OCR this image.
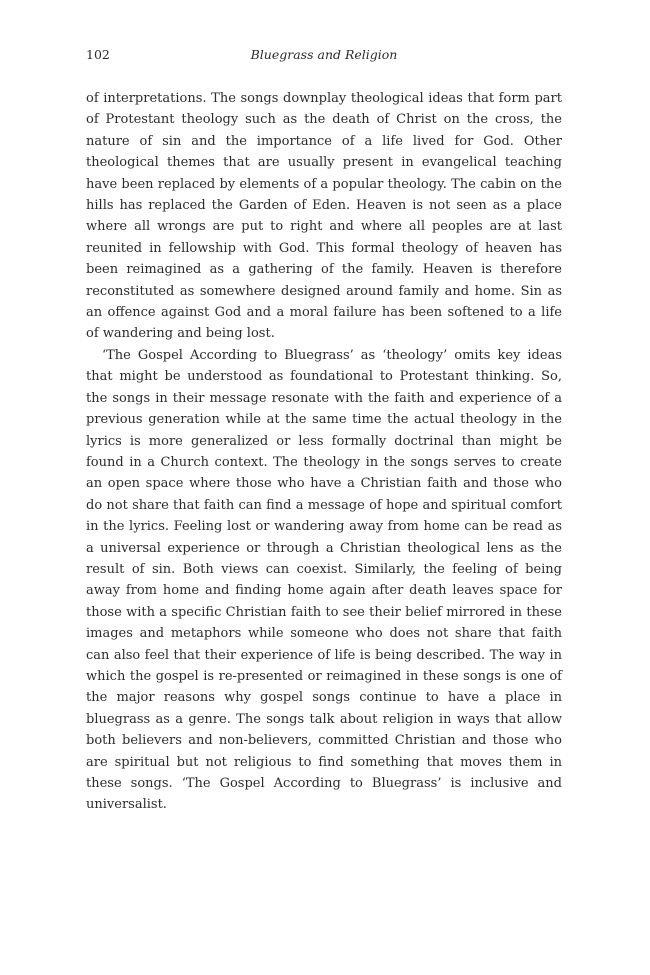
102	Bluegrass and Religion

of interpretations. The songs downplay theological ideas that form part of Protestant theology such as the death of Christ on the cross, the nature of sin and the importance of a life lived for God. Other theological themes that are usually present in evangelical teaching have been replaced by elements of a popular theology. The cabin on the hills has replaced the Garden of Eden. Heaven is not seen as a place where all wrongs are put to right and where all peoples are at last reunited in fellowship with God. This formal theology of heaven has been reimagined as a gathering of the family. Heaven is therefore reconstituted as somewhere designed around family and home. Sin as an offence against God and a moral failure has been softened to a life of wandering and being lost.

‘The Gospel According to Bluegrass’ as ‘theology’ omits key ideas that might be understood as foundational to Protestant thinking. So, the songs in their message resonate with the faith and experience of a previous generation while at the same time the actual theology in the lyrics is more generalized or less formally doctrinal than might be found in a Church context. The theology in the songs serves to create an open space where those who have a Christian faith and those who do not share that faith can find a message of hope and spiritual comfort in the lyrics. Feeling lost or wandering away from home can be read as a universal experience or through a Christian theological lens as the result of sin. Both views can coexist. Similarly, the feeling of being away from home and finding home again after death leaves space for those with a specific Christian faith to see their belief mirrored in these images and metaphors while someone who does not share that faith can also feel that their experience of life is being described. The way in which the gospel is re-presented or reimagined in these songs is one of the major reasons why gospel songs continue to have a place in bluegrass as a genre. The songs talk about religion in ways that allow both believers and non-believers, committed Christian and those who are spiritual but not religious to find something that moves them in these songs. ‘The Gospel According to Bluegrass’ is inclusive and universalist.
